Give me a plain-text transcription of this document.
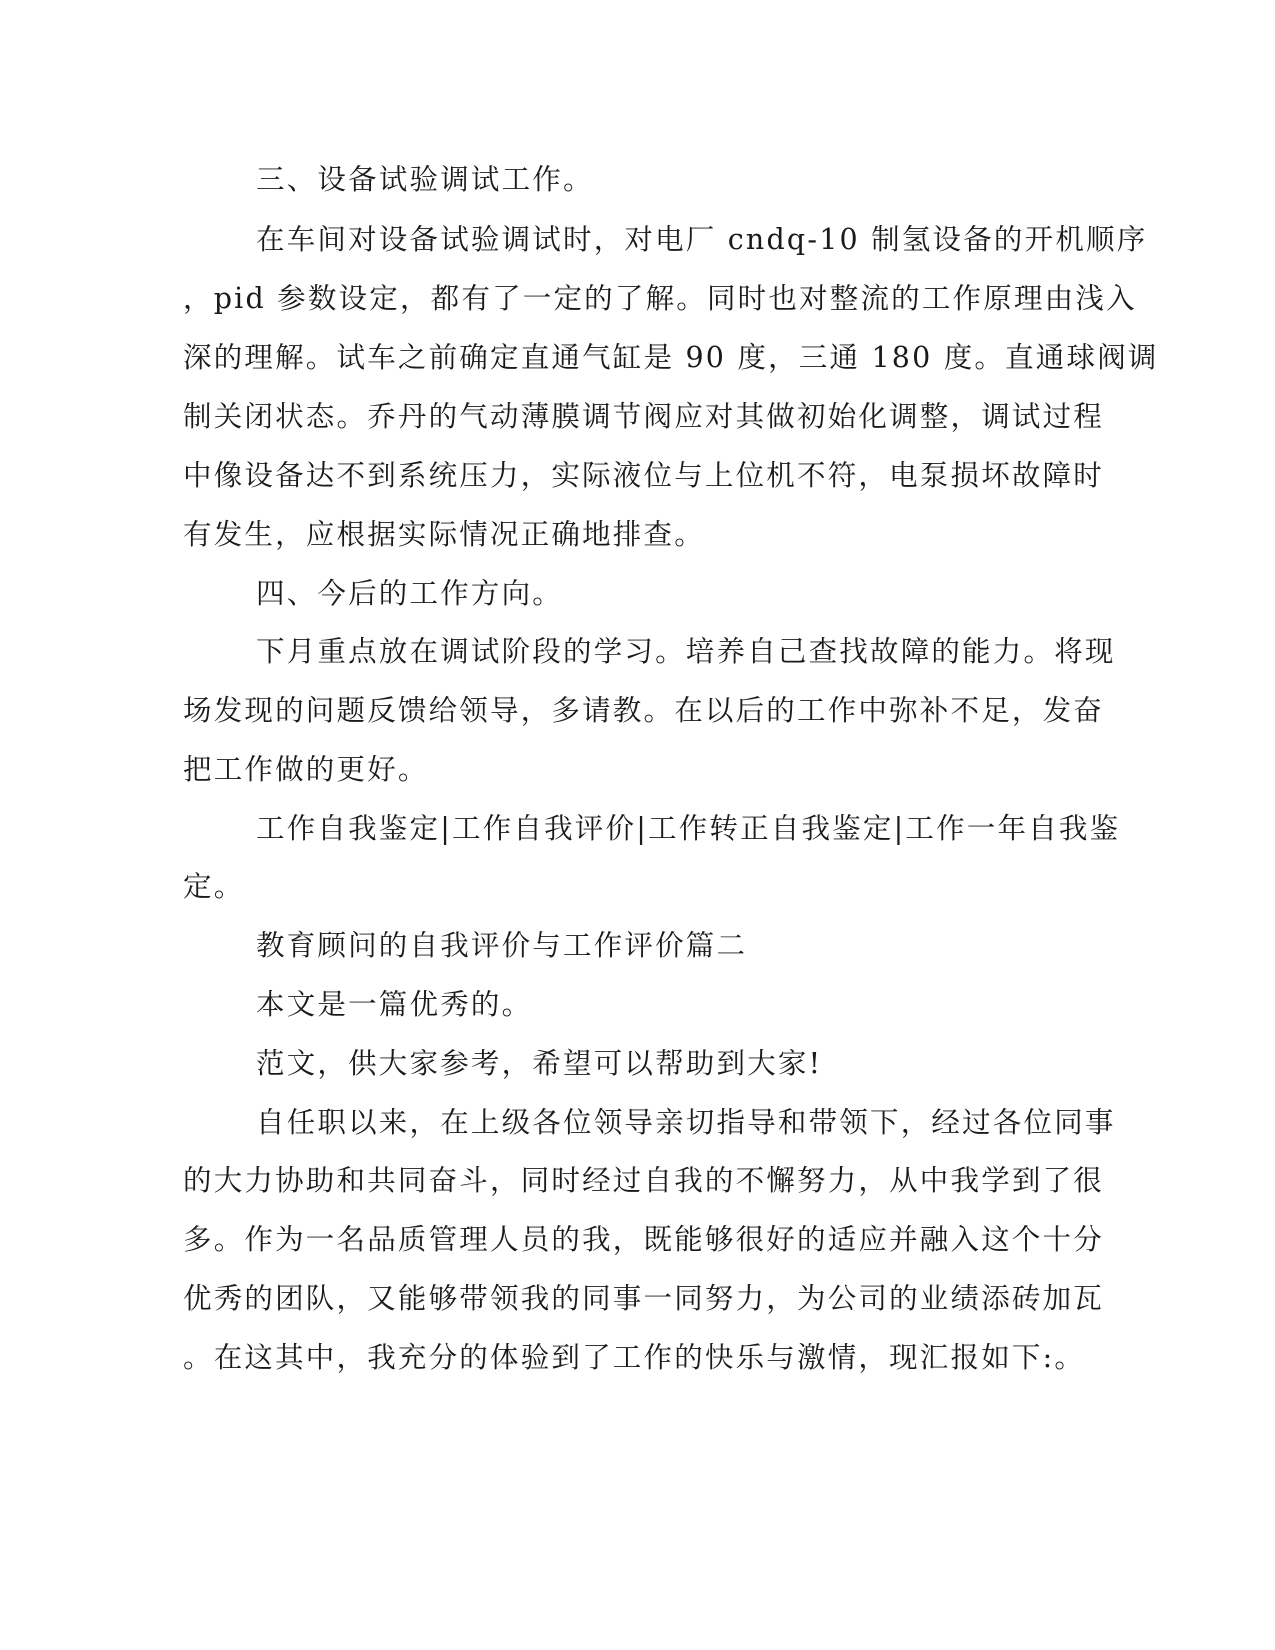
三、设备试验调试工作。
在车间对设备试验调试时，对电厂 cndq-10 制氢设备的开机顺序
，pid 参数设定，都有了一定的了解。同时也对整流的工作原理由浅入
深的理解。试车之前确定直通气缸是 90 度，三通 180 度。直通球阀调
制关闭状态。乔丹的气动薄膜调节阀应对其做初始化调整，调试过程
中像设备达不到系统压力，实际液位与上位机不符，电泵损坏故障时
有发生，应根据实际情况正确地排查。
四、今后的工作方向。
下月重点放在调试阶段的学习。培养自己查找故障的能力。将现
场发现的问题反馈给领导，多请教。在以后的工作中弥补不足，发奋
把工作做的更好。
工作自我鉴定|工作自我评价|工作转正自我鉴定|工作一年自我鉴
定。
教育顾问的自我评价与工作评价篇二
本文是一篇优秀的。
范文，供大家参考，希望可以帮助到大家!
自任职以来，在上级各位领导亲切指导和带领下，经过各位同事
的大力协助和共同奋斗，同时经过自我的不懈努力，从中我学到了很
多。作为一名品质管理人员的我，既能够很好的适应并融入这个十分
优秀的团队，又能够带领我的同事一同努力，为公司的业绩添砖加瓦
。在这其中，我充分的体验到了工作的快乐与激情，现汇报如下:。
